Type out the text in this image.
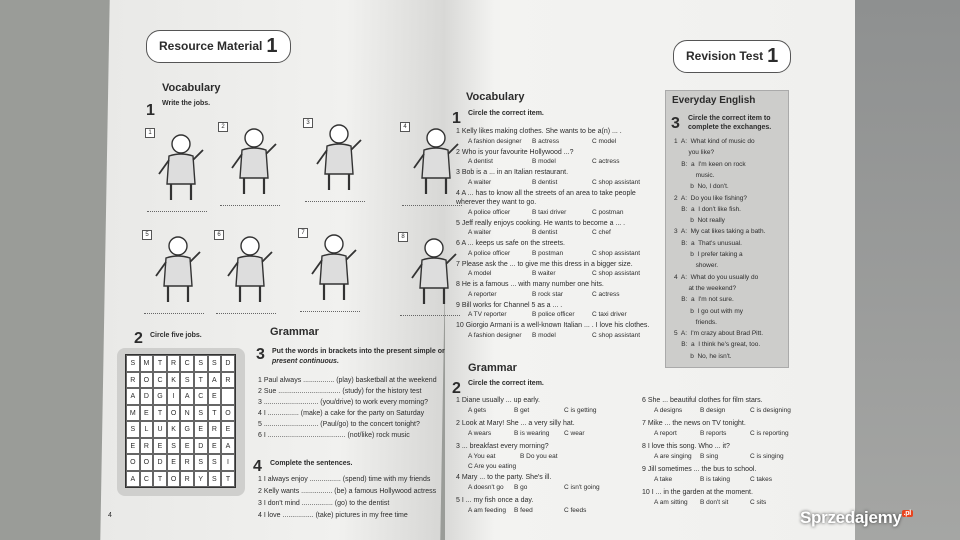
Resource Material 1
Vocabulary
1 Write the jobs.
1
2
3
4
5	6	7
8
2 Circle five jobs.
S	M	T	R	C	S	S	D
R	O	C	K	S	T	A	R
A	D	G	I	A	C	E
M	E	T	O	N	S	T	O
S	L	U	K	G	E	R	E
E	R	E	S	E	D	E	A
O	O	D	E	R	S	S	I
A	C	T	O	R	Y	S	T
Grammar
3 Put the words in brackets into the present simple or
present continuous.
1 Paul always ................ (play) basketball at the weekend
2 Sue ................................ (study) for the history test
3 ............................ (you/drive) to work every morning?
4 I ................ (make) a cake for the party on Saturday
5 ............................ (Paul/go) to the concert tonight?
6 I ........................................ (not/like) rock music
4 Complete the sentences.
1 I always enjoy ................ (spend) time with my friends
2 Kelly wants ................ (be) a famous Hollywood actress
3 I don't mind ................ (go) to the dentist
4 I love ................ (take) pictures in my free time
4
Revision Test 1
Vocabulary
1 Circle the correct item.
1 Kelly likes making clothes. She wants to be a(n) ... .
A fashion designer B actress	C model
2 Who is your favourite Hollywood ...?
A dentist	B model	C actress
3 Bob is a ... in an Italian restaurant.
A waiter	B dentist	C shop assistant
4 A ... has to know all the streets of an area to take people
wherever they want to go.
A police officer	B taxi driver	C postman
5 Jeff really enjoys cooking. He wants to become a ... .
A waiter	B dentist	C chef
6 A ... keeps us safe on the streets.
A police officer	B postman	C shop assistant
7 Please ask the ... to give me this dress in a bigger size.
A model	B waiter	C shop assistant
8 He is a famous ... with many number one hits.
A reporter	B rock star	C actress
9 Bill works for Channel 5 as a ... .
A TV reporter	B police officer	C taxi driver
10 Giorgio Armani is a well-known Italian ... . I love his clothes.
A fashion designer B model	C shop assistant
Grammar
2 Circle the correct item.
1 Diane usually ... up early.
A gets	B get	C is getting
2 Look at Mary! She ... a very silly hat.
A wears	B is wearing C wear
3 ... breakfast every morning?
A You eat	B Do you eat
C Are you eating
4 Mary ... to the party. She's ill.
A doesn't go B go	C isn't going
5 I ... my fish once a day.
A am feeding B feed	C feeds
6 She ... beautiful clothes for film stars.
A designs	B design	C is designing
7 Mike ... the news on TV tonight.
A report	B reports	C is reporting
8 I love this song. Who ... it?
A are singing B sing	C is singing
9 Jill sometimes ... the bus to school.
A take	B is taking	C takes
10 I ... in the garden at the moment.
A am sitting B don't sit	C sits
Everyday English
3 Circle the correct item to
complete the exchanges.
1  A:  What kind of music do
you like?
B:  a  I'm keen on rock
music.
b  No, I don't.
2  A:  Do you like fishing?
B:  a  I don't like fish.
b  Not really
3  A:  My cat likes taking a bath.
B:  a  That's unusual.
b  I prefer taking a
shower.
4  A:  What do you usually do
at the weekend?
B:  a  I'm not sure.
b  I go out with my
friends.
5  A:  I'm crazy about Brad Pitt.
B:  a  I think he's great, too.
b  No, he isn't.
Sprzedajemy $^{.pl}$
